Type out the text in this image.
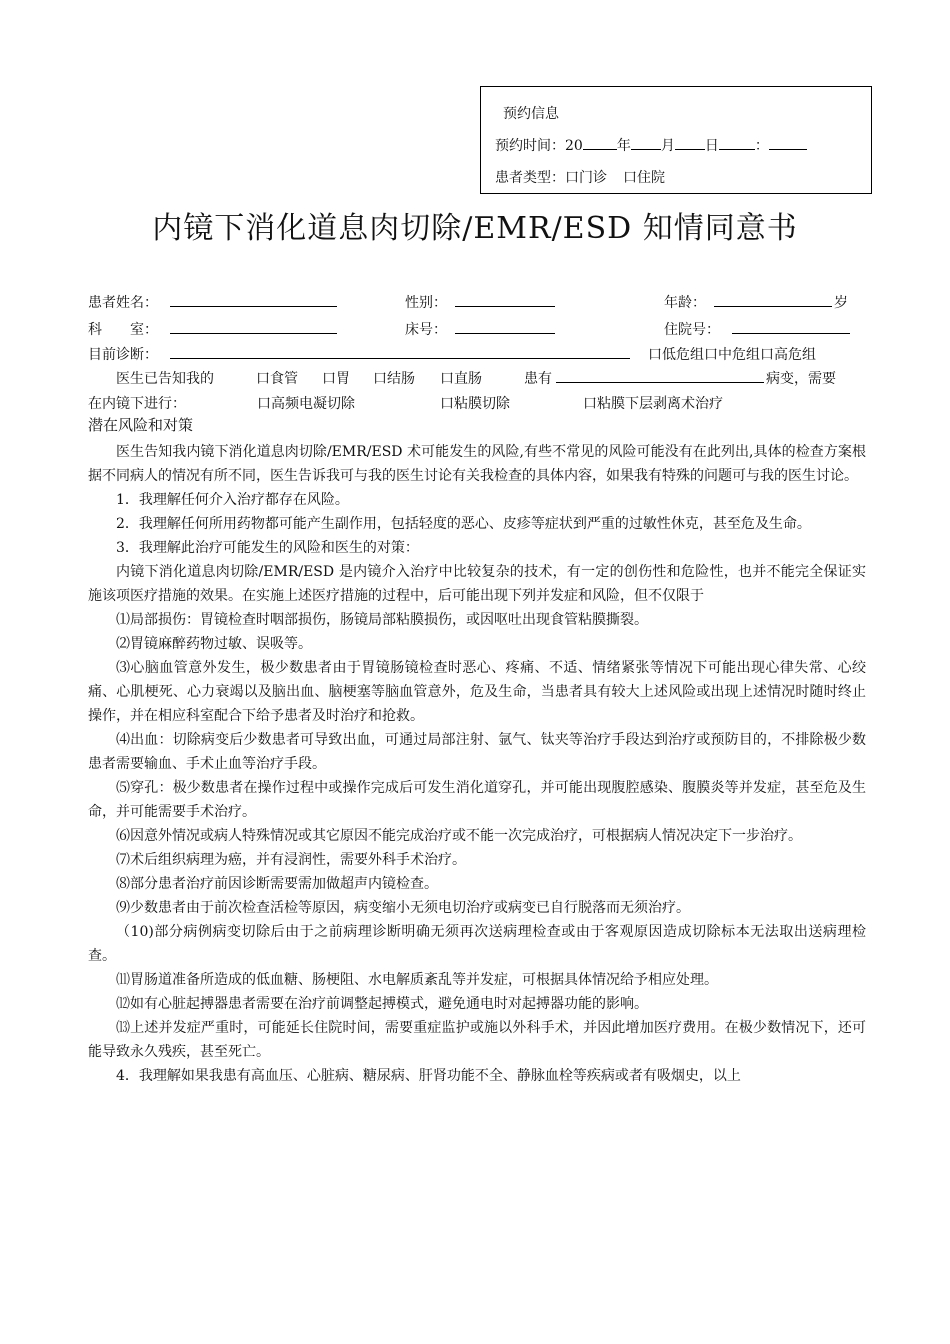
预约信息
预约时间：20 年 月 日	：
患者类型：口门诊 口住院
内镜下消化道息肉切除/EMR/ESD 知情同意书
患者姓名：	性别：	年龄：	岁
科　　室：	床号：	住院号：
目前诊断：	口低危组口中危组口高危组
医生已告知我的	口食管 口胃 口结肠 口直肠	患有	病变，需要
在内镜下进行：	口高频电凝切除	口粘膜切除	口粘膜下层剥离术治疗
潜在风险和对策

医生告知我内镜下消化道息肉切除/EMR/ESD 术可能发生的风险,有些不常见的风险可能没有在此列出,具体的检查方案根据不同病人的情况有所不同，医生告诉我可与我的医生讨论有关我检查的具体内容，如果我有特殊的问题可与我的医生讨论。

1．我理解任何介入治疗都存在风险。

2．我理解任何所用药物都可能产生副作用，包括轻度的恶心、皮疹等症状到严重的过敏性休克，甚至危及生命。

3．我理解此治疗可能发生的风险和医生的对策：

内镜下消化道息肉切除/EMR/ESD 是内镜介入治疗中比较复杂的技术，有一定的创伤性和危险性，也并不能完全保证实施该项医疗措施的效果。在实施上述医疗措施的过程中，后可能出现下列并发症和风险，但不仅限于

⑴局部损伤：胃镜检查时咽部损伤，肠镜局部粘膜损伤，或因呕吐出现食管粘膜撕裂。

⑵胃镜麻醉药物过敏、误吸等。

⑶心脑血管意外发生，极少数患者由于胃镜肠镜检查时恶心、疼痛、不适、情绪紧张等情况下可能出现心律失常、心绞痛、心肌梗死、心力衰竭以及脑出血、脑梗塞等脑血管意外，危及生命，当患者具有较大上述风险或出现上述情况时随时终止操作，并在相应科室配合下给予患者及时治疗和抢救。

⑷出血：切除病变后少数患者可导致出血，可通过局部注射、氩气、钛夹等治疗手段达到治疗或预防目的，不排除极少数患者需要输血、手术止血等治疗手段。

⑸穿孔：极少数患者在操作过程中或操作完成后可发生消化道穿孔，并可能出现腹腔感染、腹膜炎等并发症，甚至危及生命，并可能需要手术治疗。

⑹因意外情况或病人特殊情况或其它原因不能完成治疗或不能一次完成治疗，可根据病人情况决定下一步治疗。

⑺术后组织病理为癌，并有浸润性，需要外科手术治疗。

⑻部分患者治疗前因诊断需要需加做超声内镜检查。

⑼少数患者由于前次检查活检等原因，病变缩小无须电切治疗或病变已自行脱落而无须治疗。

（10)部分病例病变切除后由于之前病理诊断明确无须再次送病理检查或由于客观原因造成切除标本无法取出送病理检查。

⑾胃肠道准备所造成的低血糖、肠梗阻、水电解质紊乱等并发症，可根据具体情况给予相应处理。

⑿如有心脏起搏器患者需要在治疗前调整起搏模式，避免通电时对起搏器功能的影响。

⒀上述并发症严重时，可能延长住院时间，需要重症监护或施以外科手术，并因此增加医疗费用。在极少数情况下，还可能导致永久残疾，甚至死亡。

4．我理解如果我患有高血压、心脏病、糖尿病、肝肾功能不全、静脉血栓等疾病或者有吸烟史，以上
